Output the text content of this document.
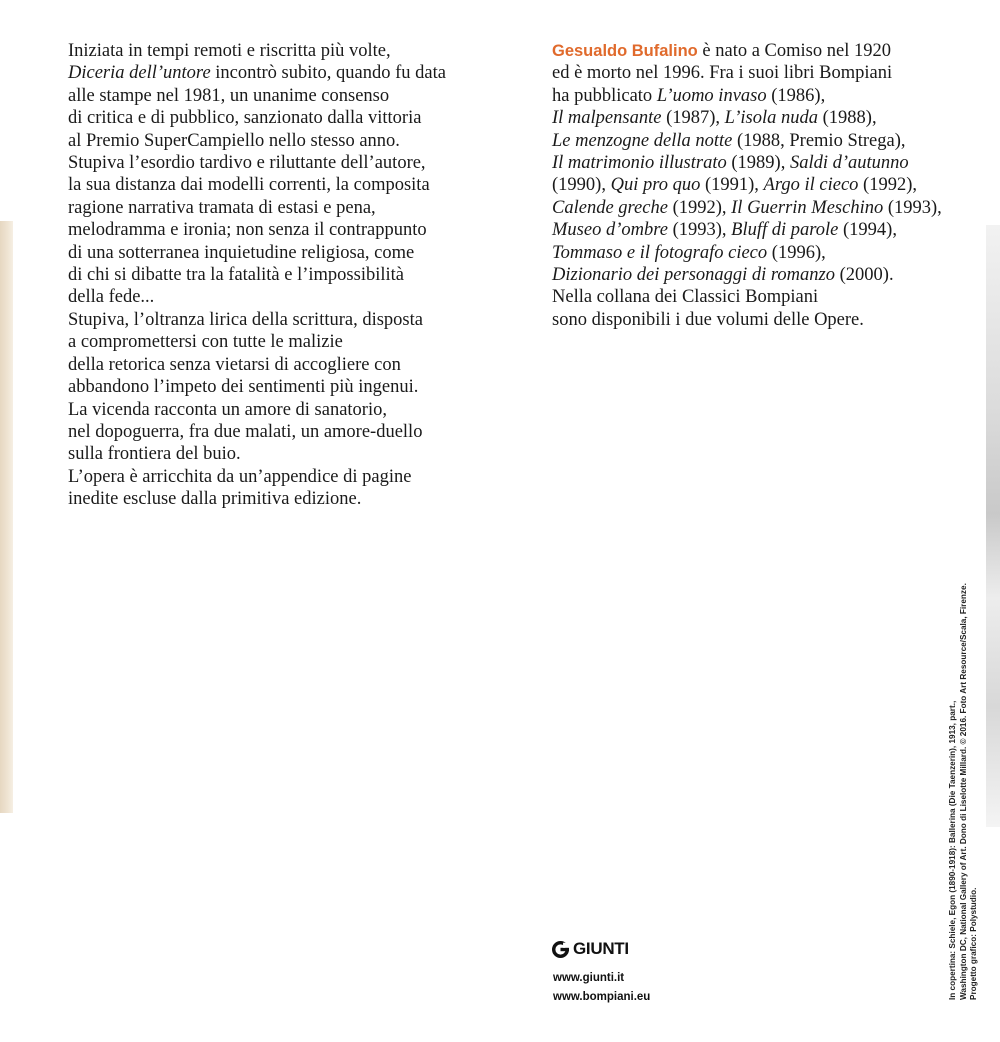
Iniziata in tempi remoti e riscritta più volte,
Diceria dell’untore incontrò subito, quando fu data
alle stampe nel 1981, un unanime consenso
di critica e di pubblico, sanzionato dalla vittoria
al Premio SuperCampiello nello stesso anno.
Stupiva l’esordio tardivo e riluttante dell’autore,
la sua distanza dai modelli correnti, la composita
ragione narrativa tramata di estasi e pena,
melodramma e ironia; non senza il contrappunto
di una sotterranea inquietudine religiosa, come
di chi si dibatte tra la fatalità e l’impossibilità
della fede...
Stupiva, l’oltranza lirica della scrittura, disposta
a compromettersi con tutte le malizie
della retorica senza vietarsi di accogliere con
abbandono l’impeto dei sentimenti più ingenui.
La vicenda racconta un amore di sanatorio,
nel dopoguerra, fra due malati, un amore-duello
sulla frontiera del buio.
L’opera è arricchita da un’appendice di pagine
inedite escluse dalla primitiva edizione.
Gesualdo Bufalino è nato a Comiso nel 1920
ed è morto nel 1996. Fra i suoi libri Bompiani
ha pubblicato L’uomo invaso (1986),
Il malpensante (1987), L’isola nuda (1988),
Le menzogne della notte (1988, Premio Strega),
Il matrimonio illustrato (1989), Saldi d’autunno
(1990), Qui pro quo (1991), Argo il cieco (1992),
Calende greche (1992), Il Guerrin Meschino (1993),
Museo d’ombre (1993), Bluff di parole (1994),
Tommaso e il fotografo cieco (1996),
Dizionario dei personaggi di romanzo (2000).
Nella collana dei Classici Bompiani
sono disponibili i due volumi delle Opere.
GIUNTI
www.giunti.it
www.bompiani.eu	In copertina: Schiele, Egon (1890-1918): Ballerina (Die Taenzerin), 1913, part., Washington DC, National Gallery of Art. Dono di Liselotte Millard. © 2016. Foto Art Resource/Scala, Firenze. Progetto grafico: Polystudio.
